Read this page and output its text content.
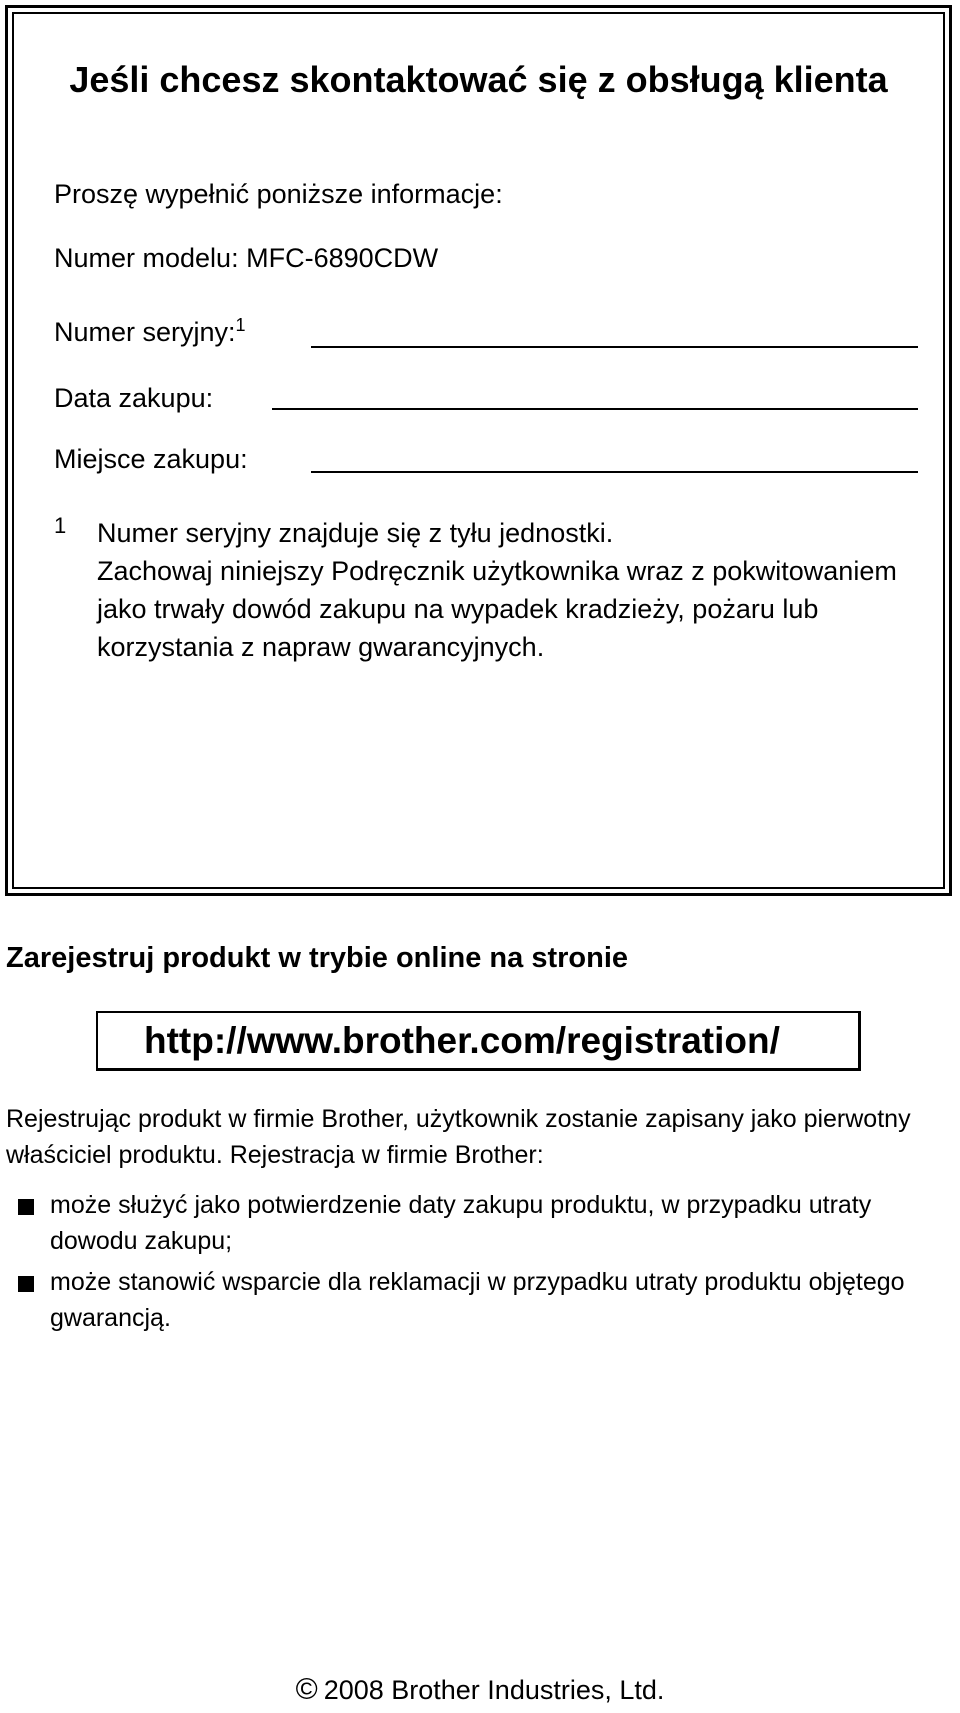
Jeśli chcesz skontaktować się z obsługą klienta
Proszę wypełnić poniższe informacje:
Numer modelu: MFC-6890CDW
Numer seryjny:$^1$
Data zakupu:
Miejsce zakupu:
1 Numer seryjny znajduje się z tyłu jednostki.

Zachowaj niniejszy Podręcznik użytkownika wraz z pokwitowaniem jako trwały dowód zakupu na wypadek kradzieży, pożaru lub korzystania z napraw gwarancyjnych.

Zarejestruj produkt w trybie online na stronie
http://www.brother.com/registration/

Rejestrując produkt w firmie Brother, użytkownik zostanie zapisany jako pierwotny właściciel produktu. Rejestracja w firmie Brother:

może służyć jako potwierdzenie daty zakupu produktu, w przypadku utraty dowodu zakupu;

może stanowić wsparcie dla reklamacji w przypadku utraty produktu objętego gwarancją.

© 2008 Brother Industries, Ltd.
